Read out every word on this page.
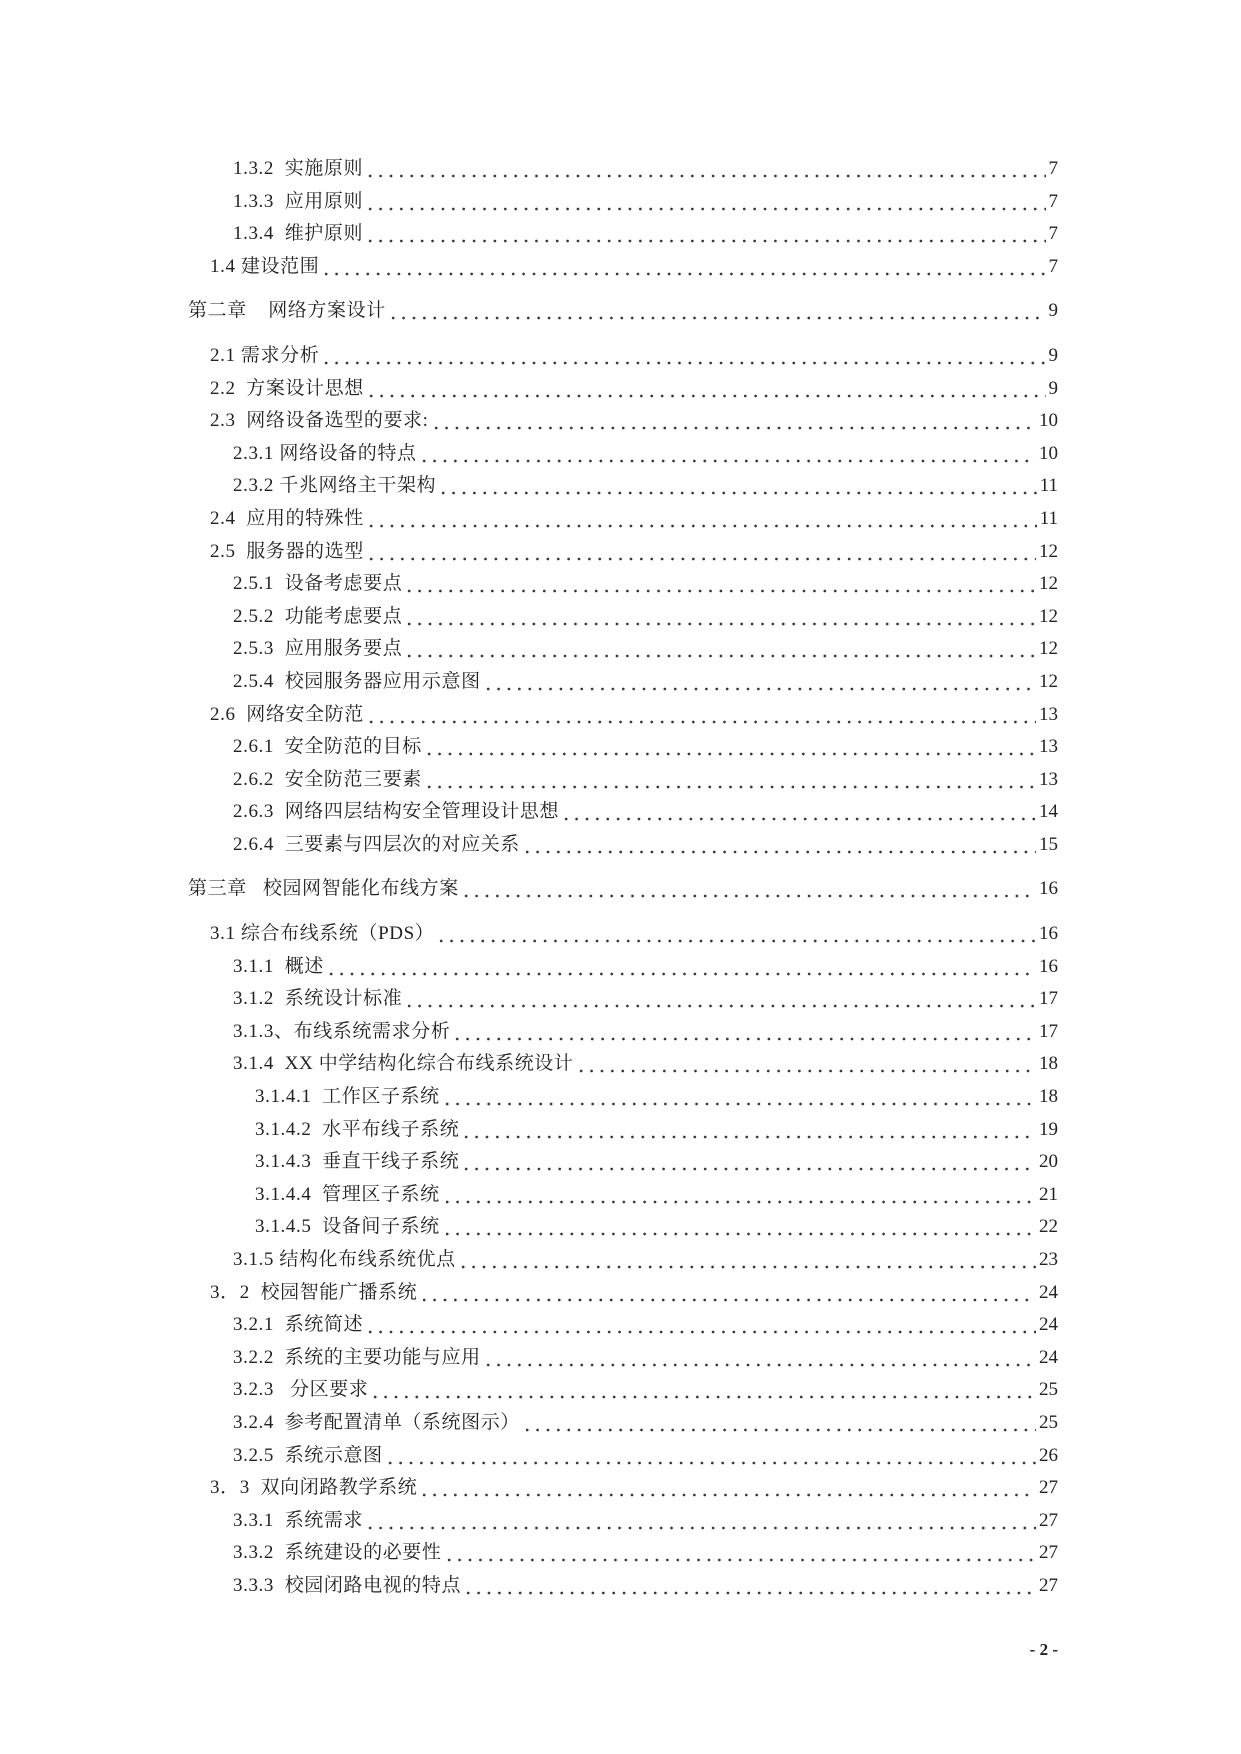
1.3.2  实施原则	7
1.3.3  应用原则	7
1.3.4  维护原则	7
1.4 建设范围	7
第二章    网络方案设计	9
2.1 需求分析	9
2.2  方案设计思想	9
2.3  网络设备选型的要求:	10
2.3.1 网络设备的特点	10
2.3.2 千兆网络主干架构	11
2.4  应用的特殊性	11
2.5  服务器的选型	12
2.5.1  设备考虑要点	12
2.5.2  功能考虑要点	12
2.5.3  应用服务要点	12
2.5.4  校园服务器应用示意图	12
2.6  网络安全防范	13
2.6.1  安全防范的目标	13
2.6.2  安全防范三要素	13
2.6.3  网络四层结构安全管理设计思想	14
2.6.4  三要素与四层次的对应关系	15
第三章   校园网智能化布线方案	16
3.1 综合布线系统（PDS）	16
3.1.1  概述	16
3.1.2  系统设计标准	17
3.1.3、布线系统需求分析	17
3.1.4  XX 中学结构化综合布线系统设计	18
3.1.4.1  工作区子系统	18
3.1.4.2  水平布线子系统	19
3.1.4.3  垂直干线子系统	20
3.1.4.4  管理区子系统	21
3.1.4.5  设备间子系统	22
3.1.5 结构化布线系统优点	23
3．2  校园智能广播系统	24
3.2.1  系统简述	24
3.2.2  系统的主要功能与应用	24
3.2.3   分区要求	25
3.2.4  参考配置清单（系统图示）	25
3.2.5  系统示意图	26
3．3  双向闭路教学系统	27
3.3.1  系统需求	27
3.3.2  系统建设的必要性	27
3.3.3  校园闭路电视的特点	27
- 2 -
